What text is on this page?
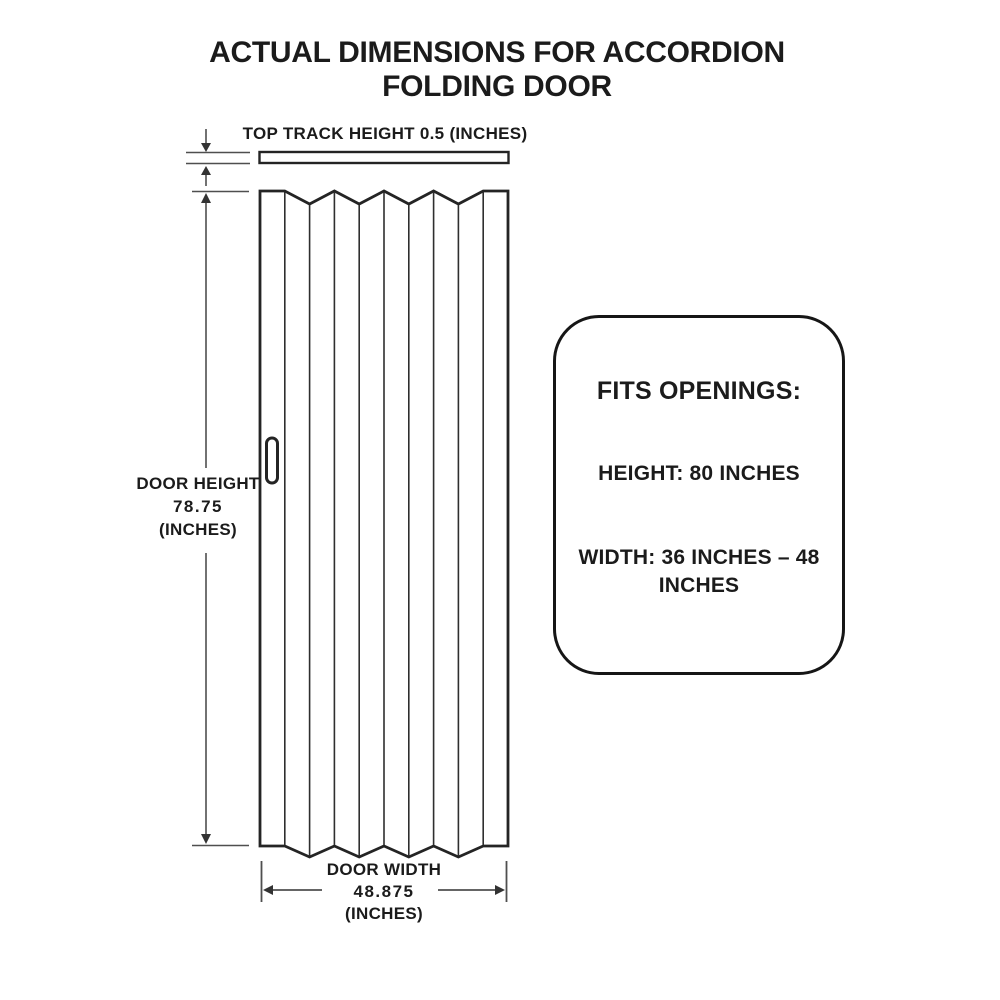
ACTUAL DIMENSIONS FOR ACCORDION
FOLDING DOOR
TOP TRACK HEIGHT 0.5 (INCHES)
DOOR HEIGHT
78.75
(INCHES)
DOOR WIDTH
48.875
(INCHES)
FITS OPENINGS:
HEIGHT: 80 INCHES
WIDTH: 36 INCHES – 48
INCHES
